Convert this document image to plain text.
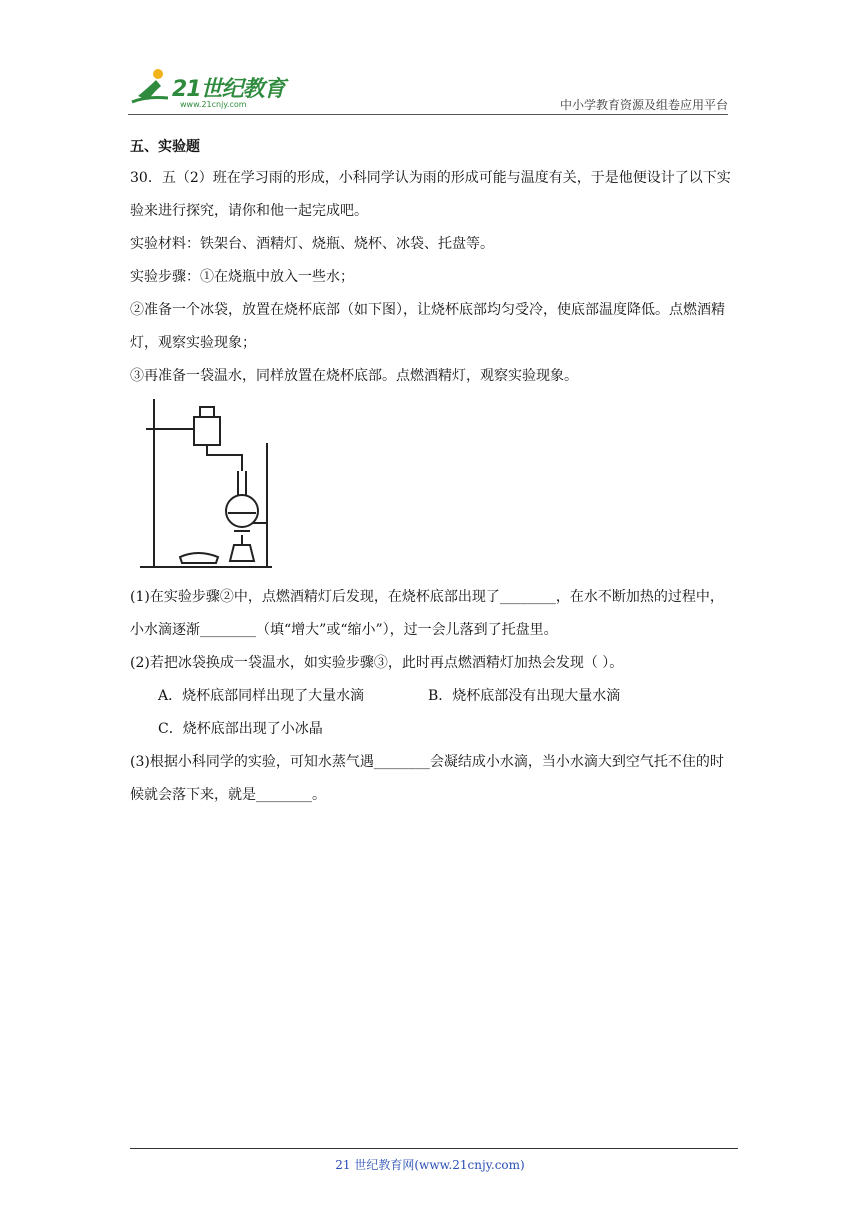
21世纪教育
www.21cnjy.com	中小学教育资源及组卷应用平台
五、实验题
30．五（2）班在学习雨的形成，小科同学认为雨的形成可能与温度有关，于是他便设计了以下实验来进行探究，请你和他一起完成吧。
实验材料：铁架台、酒精灯、烧瓶、烧杯、冰袋、托盘等。
实验步骤：①在烧瓶中放入一些水；
②准备一个冰袋，放置在烧杯底部（如下图），让烧杯底部均匀受冷，使底部温度降低。点燃酒精灯，观察实验现象；
③再准备一袋温水，同样放置在烧杯底部。点燃酒精灯，观察实验现象。
(1)在实验步骤②中，点燃酒精灯后发现，在烧杯底部出现了________，在水不断加热的过程中，小水滴逐渐________（填“增大”或“缩小”），过一会儿落到了托盘里。
(2)若把冰袋换成一袋温水，如实验步骤③，此时再点燃酒精灯加热会发现（ ）。
A．烧杯底部同样出现了大量水滴	B．烧杯底部没有出现大量水滴
C．烧杯底部出现了小冰晶
(3)根据小科同学的实验，可知水蒸气遇________会凝结成小水滴，当小水滴大到空气托不住的时候就会落下来，就是________。
21 世纪教育网(www.21cnjy.com)
